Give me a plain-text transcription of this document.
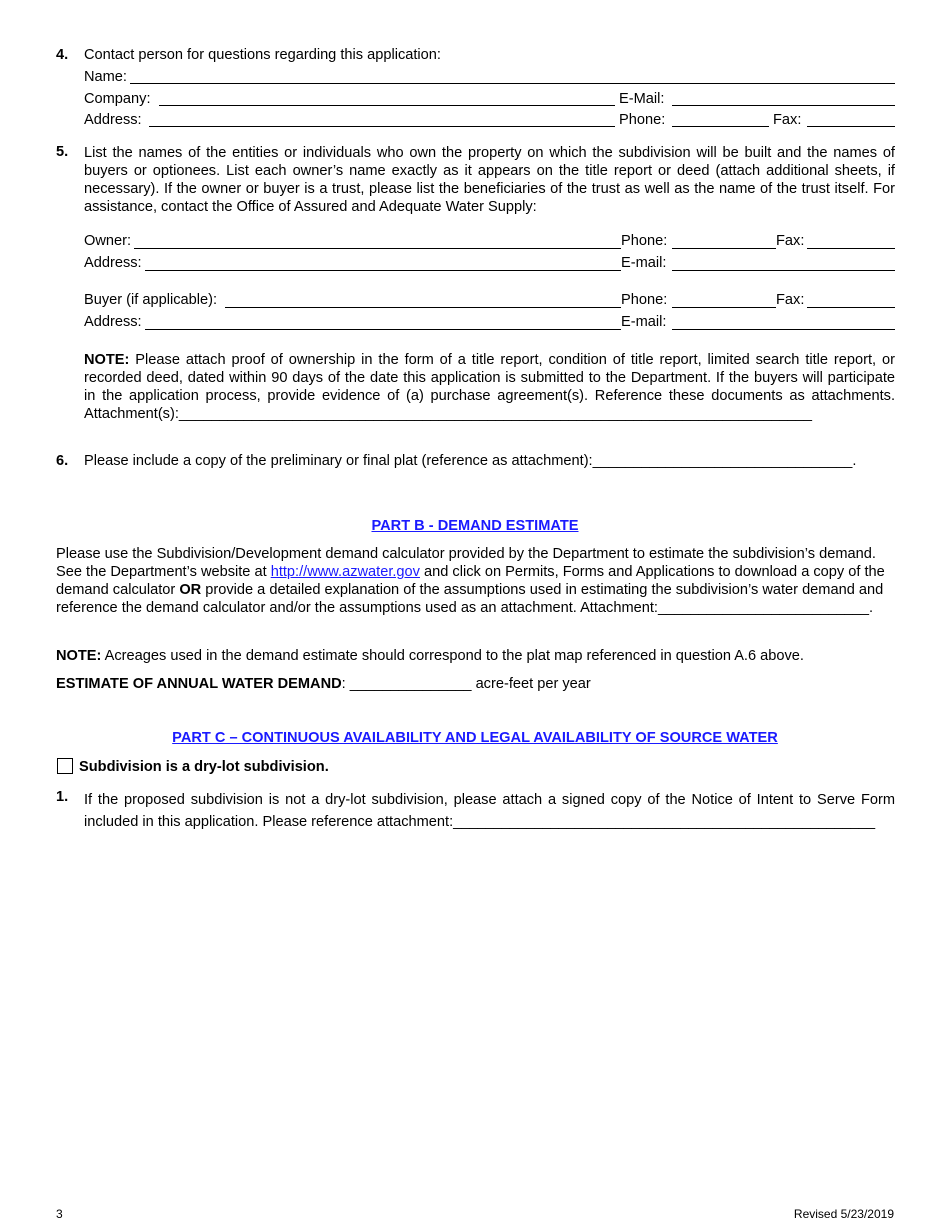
4. Contact person for questions regarding this application:
Name:
Company:	E-Mail:
Address:	Phone:	Fax:
5. List the names of the entities or individuals who own the property on which the subdivision will be built and the names of buyers or optionees. List each owner’s name exactly as it appears on the title report or deed (attach additional sheets, if necessary). If the owner or buyer is a trust, please list the beneficiaries of the trust as well as the name of the trust itself. For assistance, contact the Office of Assured and Adequate Water Supply:
Owner:	Phone:	Fax:
Address:	E-mail:
Buyer (if applicable):	Phone:	Fax:
Address:	E-mail:
NOTE: Please attach proof of ownership in the form of a title report, condition of title report, limited search title report, or recorded deed, dated within 90 days of the date this application is submitted to the Department. If the buyers will participate in the application process, provide evidence of (a) purchase agreement(s). Reference these documents as attachments. Attachment(s):______________________________________________________________________________
6. Please include a copy of the preliminary or final plat (reference as attachment):________________________________.
PART B - DEMAND ESTIMATE
Please use the Subdivision/Development demand calculator provided by the Department to estimate the subdivision’s demand. See the Department’s website at http://www.azwater.gov and click on Permits, Forms and Applications to download a copy of the demand calculator OR provide a detailed explanation of the assumptions used in estimating the subdivision’s water demand and reference the demand calculator and/or the assumptions used as an attachment. Attachment:__________________________.
NOTE: Acreages used in the demand estimate should correspond to the plat map referenced in question A.6 above.
ESTIMATE OF ANNUAL WATER DEMAND: _______________ acre-feet per year
PART C – CONTINUOUS AVAILABILITY AND LEGAL AVAILABILITY OF SOURCE WATER
Subdivision is a dry-lot subdivision.
1. If the proposed subdivision is not a dry-lot subdivision, please attach a signed copy of the Notice of Intent to Serve Form included in this application. Please reference attachment:____________________________________________________
3	Revised 5/23/2019
